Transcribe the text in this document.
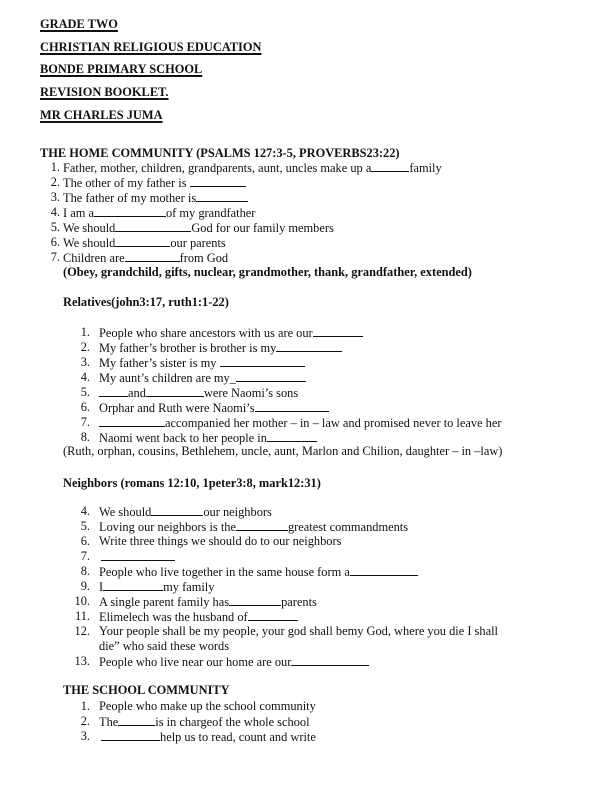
GRADE TWO
CHRISTIAN RELIGIOUS EDUCATION
BONDE PRIMARY SCHOOL
REVISION BOOKLET.
MR CHARLES JUMA
THE HOME COMMUNITY (PSALMS 127:3-5, PROVERBS23:22)
1. Father, mother, children, grandparents, aunt, uncles make up a	family
2. The other of my father is
3. The father of my mother is
4. I am a	of my grandfather
5. We should	God for our family members
6. We should	our parents
7. Children are	from God
(Obey, grandchild, gifts, nuclear, grandmother, thank, grandfather, extended)
Relatives(john3:17, ruth1:1-22)
1. People who share ancestors with us are our
2. My father’s brother is brother is my
3. My father’s sister is my
4. My aunt’s children are my_
5.	and	were Naomi’s sons
6. Orphar and Ruth were Naomi’s
7.	accompanied her mother – in – law and promised never to leave her
8. Naomi went back to her people in
(Ruth, orphan, cousins, Bethlehem, uncle, aunt, Marlon and Chilion, daughter – in –law)
Neighbors (romans 12:10, 1peter3:8, mark12:31)
4. We should	our neighbors
5. Loving our neighbors is the	greatest commandments
6. Write three things we should do to our neighbors
7.
8. People who live together in the same house form a
9. I	my family
10. A single parent family has	parents
11. Elimelech was the husband of
12. Your people shall be my people, your god shall bemy God, where you die I shall
die” who said these words
13. People who live near our home are our
THE SCHOOL COMMUNITY
1. People who make up the school community
2. The	is in chargeof the whole school
3.	help us to read, count and write
